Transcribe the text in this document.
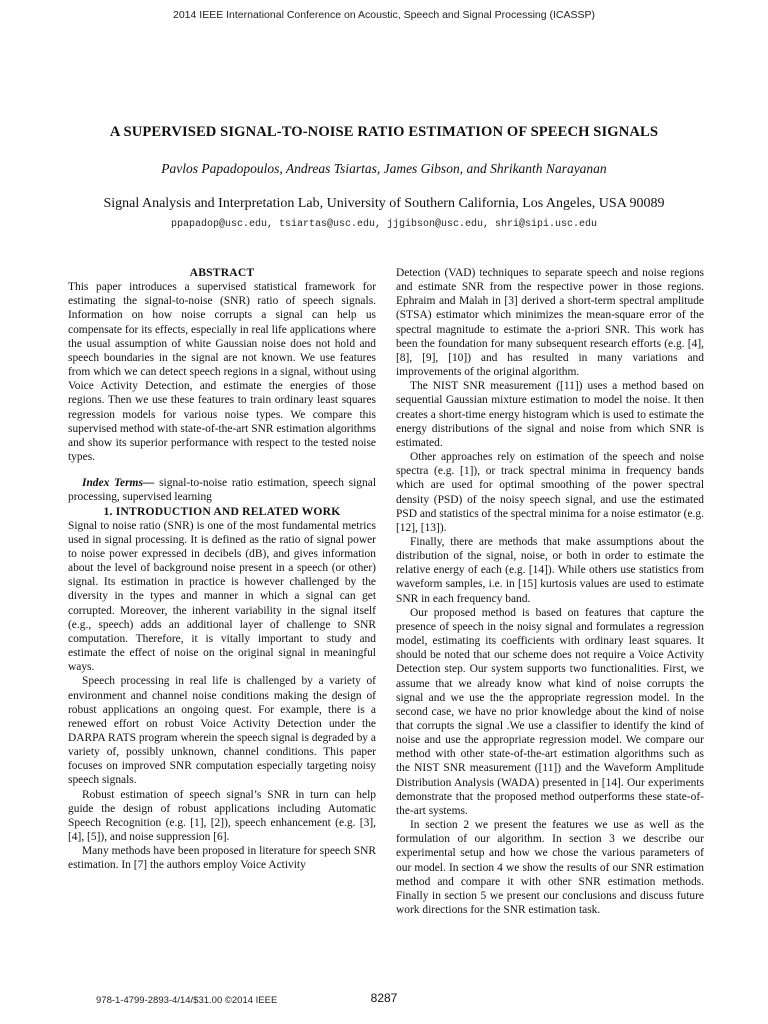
2014 IEEE International Conference on Acoustic, Speech and Signal Processing (ICASSP)
A SUPERVISED SIGNAL-TO-NOISE RATIO ESTIMATION OF SPEECH SIGNALS
Pavlos Papadopoulos, Andreas Tsiartas, James Gibson, and Shrikanth Narayanan
Signal Analysis and Interpretation Lab, University of Southern California, Los Angeles, USA 90089
ppapadop@usc.edu, tsiartas@usc.edu, jjgibson@usc.edu, shri@sipi.usc.edu
ABSTRACT

This paper introduces a supervised statistical framework for estimating the signal-to-noise (SNR) ratio of speech signals. Information on how noise corrupts a signal can help us compensate for its effects, especially in real life applications where the usual assumption of white Gaussian noise does not hold and speech boundaries in the signal are not known. We use features from which we can detect speech regions in a signal, without using Voice Activity Detection, and estimate the energies of those regions. Then we use these features to train ordinary least squares regression models for various noise types. We compare this supervised method with state-of-the-art SNR estimation algorithms and show its superior performance with respect to the tested noise types.

Index Terms— signal-to-noise ratio estimation, speech signal processing, supervised learning

1. INTRODUCTION AND RELATED WORK

Signal to noise ratio (SNR) is one of the most fundamental metrics used in signal processing. It is defined as the ratio of signal power to noise power expressed in decibels (dB), and gives information about the level of background noise present in a speech (or other) signal. Its estimation in practice is however challenged by the diversity in the types and manner in which a signal can get corrupted. Moreover, the inherent variability in the signal itself (e.g., speech) adds an additional layer of challenge to SNR computation. Therefore, it is vitally important to study and estimate the effect of noise on the original signal in meaningful ways.

Speech processing in real life is challenged by a variety of environment and channel noise conditions making the design of robust applications an ongoing quest. For example, there is a renewed effort on robust Voice Activity Detection under the DARPA RATS program wherein the speech signal is degraded by a variety of, possibly unknown, channel conditions. This paper focuses on improved SNR computation especially targeting noisy speech signals.

Robust estimation of speech signal’s SNR in turn can help guide the design of robust applications including Automatic Speech Recognition (e.g. [1], [2]), speech enhancement (e.g. [3], [4], [5]), and noise suppression [6].

Many methods have been proposed in literature for speech SNR estimation. In [7] the authors employ Voice Activity

Detection (VAD) techniques to separate speech and noise regions and estimate SNR from the respective power in those regions. Ephraim and Malah in [3] derived a short-term spectral amplitude (STSA) estimator which minimizes the mean-square error of the spectral magnitude to estimate the a-priori SNR. This work has been the foundation for many subsequent research efforts (e.g. [4],[8], [9], [10]) and has resulted in many variations and improvements of the original algorithm.

The NIST SNR measurement ([11]) uses a method based on sequential Gaussian mixture estimation to model the noise. It then creates a short-time energy histogram which is used to estimate the energy distributions of the signal and noise from which SNR is estimated.

Other approaches rely on estimation of the speech and noise spectra (e.g. [1]), or track spectral minima in frequency bands which are used for optimal smoothing of the power spectral density (PSD) of the noisy speech signal, and use the estimated PSD and statistics of the spectral minima for a noise estimator (e.g. [12], [13]).

Finally, there are methods that make assumptions about the distribution of the signal, noise, or both in order to estimate the relative energy of each (e.g. [14]). While others use statistics from waveform samples, i.e. in [15] kurtosis values are used to estimate SNR in each frequency band.

Our proposed method is based on features that capture the presence of speech in the noisy signal and formulates a regression model, estimating its coefficients with ordinary least squares. It should be noted that our scheme does not require a Voice Activity Detection step. Our system supports two functionalities. First, we assume that we already know what kind of noise corrupts the signal and we use the the appropriate regression model. In the second case, we have no prior knowledge about the kind of noise that corrupts the signal .We use a classifier to identify the kind of noise and use the appropriate regression model. We compare our method with other state-of-the-art estimation algorithms such as the NIST SNR measurement ([11]) and the Waveform Amplitude Distribution Analysis (WADA) presented in [14]. Our experiments demonstrate that the proposed method outperforms these state-of-the-art systems.

In section 2 we present the features we use as well as the formulation of our algorithm. In section 3 we describe our experimental setup and how we chose the various parameters of our model. In section 4 we show the results of our SNR estimation method and compare it with other SNR estimation methods. Finally in section 5 we present our conclusions and discuss future work directions for the SNR estimation task.

978-1-4799-2893-4/14/$31.00 ©2014 IEEE	8287
